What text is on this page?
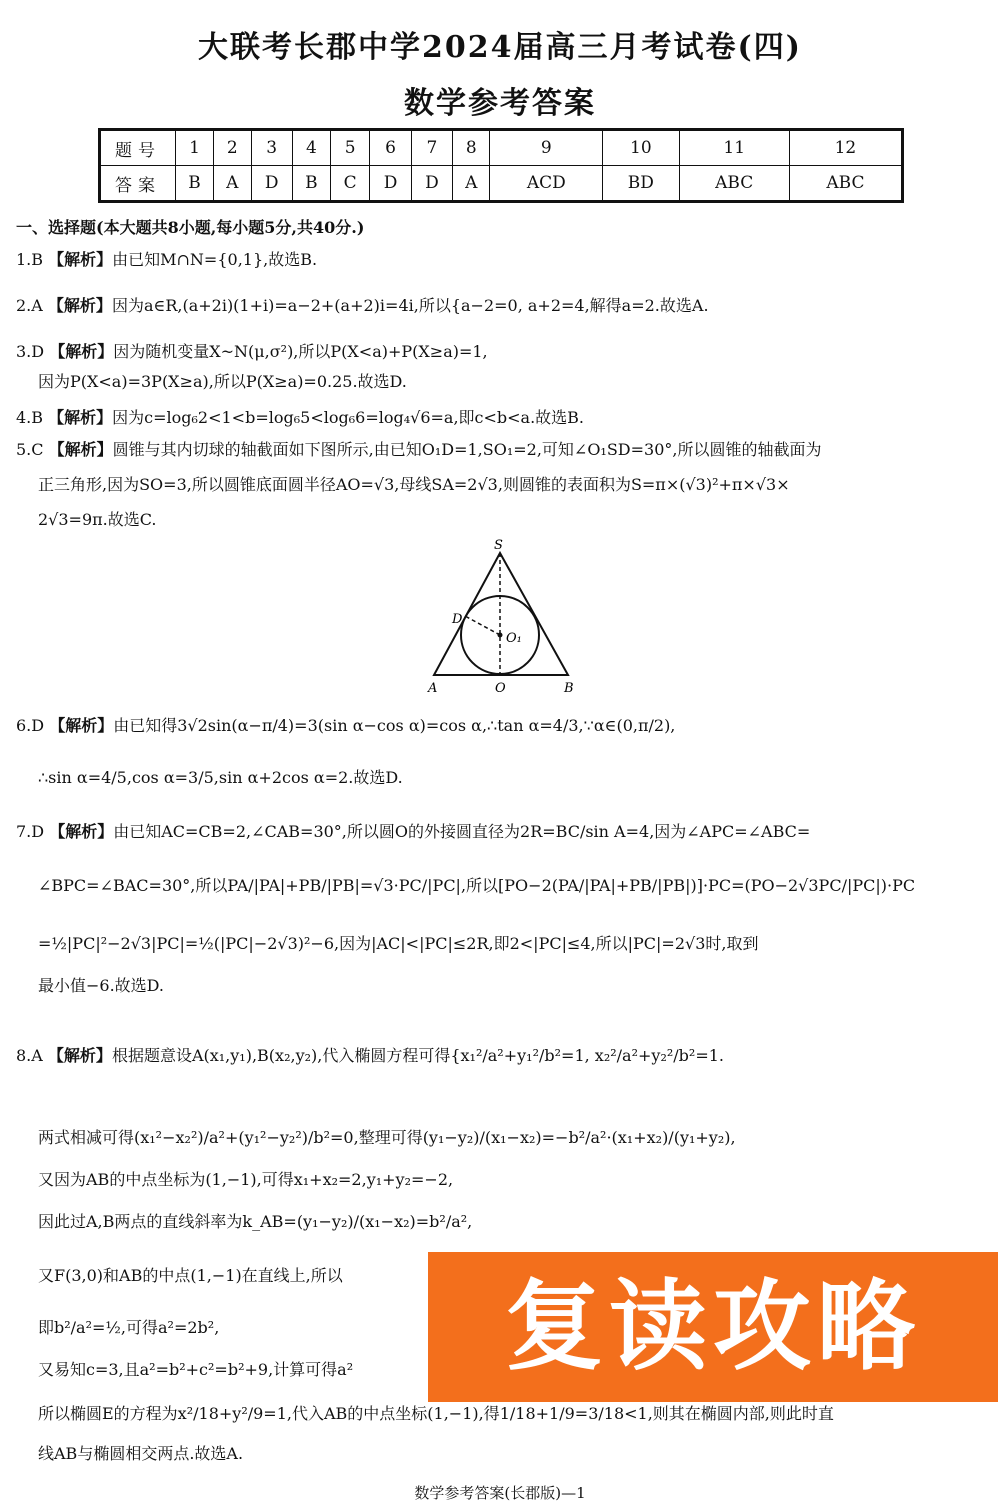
大联考长郡中学2024届高三月考试卷(四)
数学参考答案
题号	1	2	3	4	5	6	7	8	9	10	11	12
答案	B	A	D	B	C	D	D	A	ACD	BD	ABC	ABC
一、选择题(本大题共8小题,每小题5分,共40分.)
1.B 【解析】由已知M∩N={0,1},故选B.
2.A 【解析】因为a∈R,(a+2i)(1+i)=a−2+(a+2)i=4i,所以{a−2=0, a+2=4,解得a=2.故选A.
3.D 【解析】因为随机变量X~N(μ,σ²),所以P(X<a)+P(X≥a)=1,
因为P(X<a)=3P(X≥a),所以P(X≥a)=0.25.故选D.
4.B 【解析】因为c=log₆2<1<b=log₆5<log₆6=log₄√6=a,即c<b<a.故选B.
5.C 【解析】圆锥与其内切球的轴截面如下图所示,由已知O₁D=1,SO₁=2,可知∠O₁SD=30°,所以圆锥的轴截面为
正三角形,因为SO=3,所以圆锥底面圆半径AO=√3,母线SA=2√3,则圆锥的表面积为S=π×(√3)²+π×√3×
2√3=9π.故选C.
S
D
O₁
A	O	B
6.D 【解析】由已知得3√2sin(α−π/4)=3(sin α−cos α)=cos α,∴tan α=4/3,∵α∈(0,π/2),
∴sin α=4/5,cos α=3/5,sin α+2cos α=2.故选D.
7.D 【解析】由已知AC=CB=2,∠CAB=30°,所以圆O的外接圆直径为2R=BC/sin A=4,因为∠APC=∠ABC=
∠BPC=∠BAC=30°,所以PA/|PA|+PB/|PB|=√3·PC/|PC|,所以[PO−2(PA/|PA|+PB/|PB|)]·PC=(PO−2√3PC/|PC|)·PC
=½|PC|²−2√3|PC|=½(|PC|−2√3)²−6,因为|AC|<|PC|≤2R,即2<|PC|≤4,所以|PC|=2√3时,取到
最小值−6.故选D.
8.A 【解析】根据题意设A(x₁,y₁),B(x₂,y₂),代入椭圆方程可得{x₁²/a²+y₁²/b²=1, x₂²/a²+y₂²/b²=1.
两式相减可得(x₁²−x₂²)/a²+(y₁²−y₂²)/b²=0,整理可得(y₁−y₂)/(x₁−x₂)=−b²/a²·(x₁+x₂)/(y₁+y₂),
又因为AB的中点坐标为(1,−1),可得x₁+x₂=2,y₁+y₂=−2,
因此过A,B两点的直线斜率为k_AB=(y₁−y₂)/(x₁−x₂)=b²/a²,
又F(3,0)和AB的中点(1,−1)在直线上,所以
即b²/a²=½,可得a²=2b²,
又易知c=3,且a²=b²+c²=b²+9,计算可得a²
所以椭圆E的方程为x²/18+y²/9=1,代入AB的中点坐标(1,−1),得1/18+1/9=3/18<1,则其在椭圆内部,则此时直
线AB与椭圆相交两点.故选A.
复读攻略
数学参考答案(长郡版)—1
